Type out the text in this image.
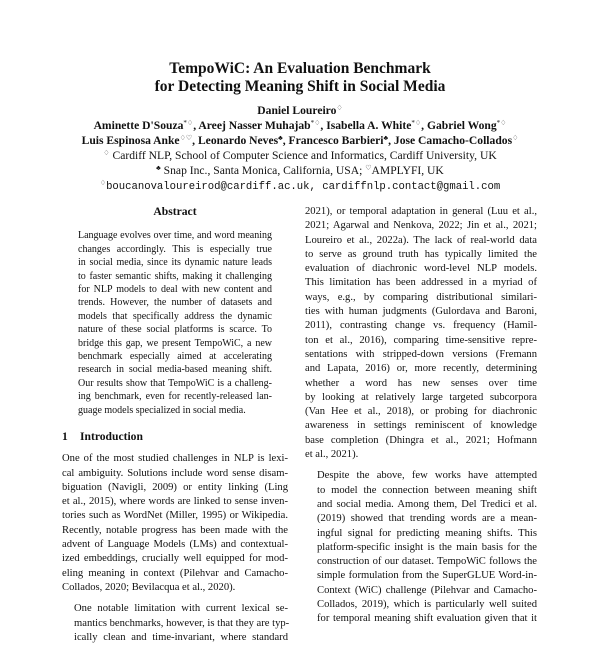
TempoWiC: An Evaluation Benchmark
for Detecting Meaning Shift in Social Media
Daniel Loureiro♢
Aminette D'Souza*♢, Areej Nasser Muhajab*♢, Isabella A. White*♢, Gabriel Wong*♢
Luis Espinosa Anke♢♡, Leonardo Neves♣, Francesco Barbieri♣, Jose Camacho-Collados♢
♢ Cardiff NLP, School of Computer Science and Informatics, Cardiff University, UK
♣ Snap Inc., Santa Monica, California, USA; ♡AMPLYFI, UK
♢boucanovaloureirod@cardiff.ac.uk, cardiffnlp.contact@gmail.com
Abstract
Language evolves over time, and word meaning
changes accordingly. This is especially true
in social media, since its dynamic nature leads
to faster semantic shifts, making it challenging
for NLP models to deal with new content and
trends. However, the number of datasets and
models that specifically address the dynamic
nature of these social platforms is scarce. To
bridge this gap, we present TempoWiC, a new
benchmark especially aimed at accelerating
research in social media-based meaning shift.
Our results show that TempoWiC is a challeng-
ing benchmark, even for recently-released lan-
guage models specialized in social media.
1 Introduction

One of the most studied challenges in NLP is lexi-
cal ambiguity. Solutions include word sense disam-
biguation (Navigli, 2009) or entity linking (Ling
et al., 2015), where words are linked to sense inven-
tories such as WordNet (Miller, 1995) or Wikipedia.
Recently, notable progress has been made with the
advent of Language Models (LMs) and contextual-
ized embeddings, crucially well equipped for mod-
eling meaning in context (Pilehvar and Camacho-
Collados, 2020; Bevilacqua et al., 2020).

One notable limitation with current lexical se-
mantics benchmarks, however, is that they are typ-
ically clean and time-invariant, where standard

2021), or temporal adaptation in general (Luu et al.,
2021; Agarwal and Nenkova, 2022; Jin et al., 2021;
Loureiro et al., 2022a). The lack of real-world data
to serve as ground truth has typically limited the
evaluation of diachronic word-level NLP models.
This limitation has been addressed in a myriad of
ways, e.g., by comparing distributional similari-
ties with human judgments (Gulordava and Baroni,
2011), contrasting change vs. frequency (Hamil-
ton et al., 2016), comparing time-sensitive repre-
sentations with stripped-down versions (Fremann
and Lapata, 2016) or, more recently, determining
whether a word has new senses over time
by looking at relatively large targeted subcorpora
(Van Hee et al., 2018), or probing for diachronic
awareness in settings reminiscent of knowledge
base completion (Dhingra et al., 2021; Hofmann
et al., 2021).

Despite the above, few works have attempted
to model the connection between meaning shift
and social media. Among them, Del Tredici et al.
(2019) showed that trending words are a mean-
ingful signal for predicting meaning shifts. This
platform-specific insight is the main basis for the
construction of our dataset. TempoWiC follows the
simple formulation from the SuperGLUE Word-in-
Context (WiC) challenge (Pilehvar and Camacho-
Collados, 2019), which is particularly well suited
for temporal meaning shift evaluation given that it
